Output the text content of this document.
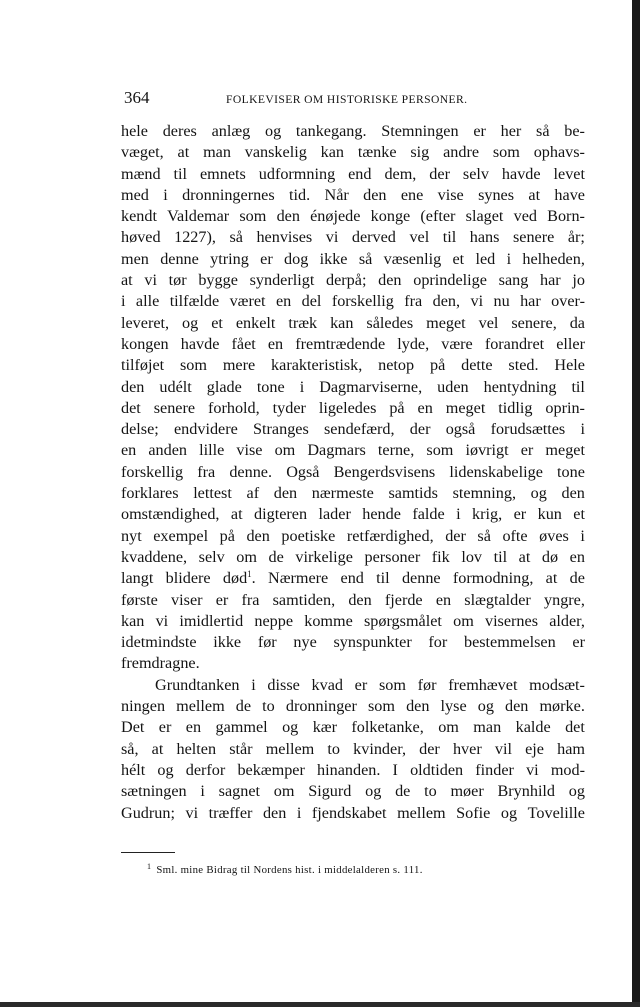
364	FOLKEVISER OM HISTORISKE PERSONER.
hele deres anlæg og tankegang. Stemningen er her så be-
væget, at man vanskelig kan tænke sig andre som ophavs-
mænd til emnets udformning end dem, der selv havde levet
med i dronningernes tid. Når den ene vise synes at have
kendt Valdemar som den énøjede konge (efter slaget ved Born-
høved 1227), så henvises vi derved vel til hans senere år;
men denne ytring er dog ikke så væsenlig et led i helheden,
at vi tør bygge synderligt derpå; den oprindelige sang har jo
i alle tilfælde været en del forskellig fra den, vi nu har over-
leveret, og et enkelt træk kan således meget vel senere, da
kongen havde fået en fremtrædende lyde, være forandret eller
tilføjet som mere karakteristisk, netop på dette sted. Hele
den udélt glade tone i Dagmarviserne, uden hentydning til
det senere forhold, tyder ligeledes på en meget tidlig oprin-
delse; endvidere Stranges sendefærd, der også forudsættes i
en anden lille vise om Dagmars terne, som iøvrigt er meget
forskellig fra denne. Også Bengerdsvisens lidenskabelige tone
forklares lettest af den nærmeste samtids stemning, og den
omstændighed, at digteren lader hende falde i krig, er kun et
nyt exempel på den poetiske retfærdighed, der så ofte øves i
kvaddene, selv om de virkelige personer fik lov til at dø en
langt blidere død$^1$. Nærmere end til denne formodning, at de
første viser er fra samtiden, den fjerde en slægtalder yngre,
kan vi imidlertid neppe komme spørgsmålet om visernes alder,
idetmindste ikke før nye synspunkter for bestemmelsen er
fremdragne.
Grundtanken i disse kvad er som før fremhævet modsæt-
ningen mellem de to dronninger som den lyse og den mørke.
Det er en gammel og kær folketanke, om man kalde det
så, at helten står mellem to kvinder, der hver vil eje ham
hélt og derfor bekæmper hinanden. I oldtiden finder vi mod-
sætningen i sagnet om Sigurd og de to møer Brynhild og
Gudrun; vi træffer den i fjendskabet mellem Sofie og Tovelille
$^1$ Sml. mine Bidrag til Nordens hist. i middelalderen s. 111.
